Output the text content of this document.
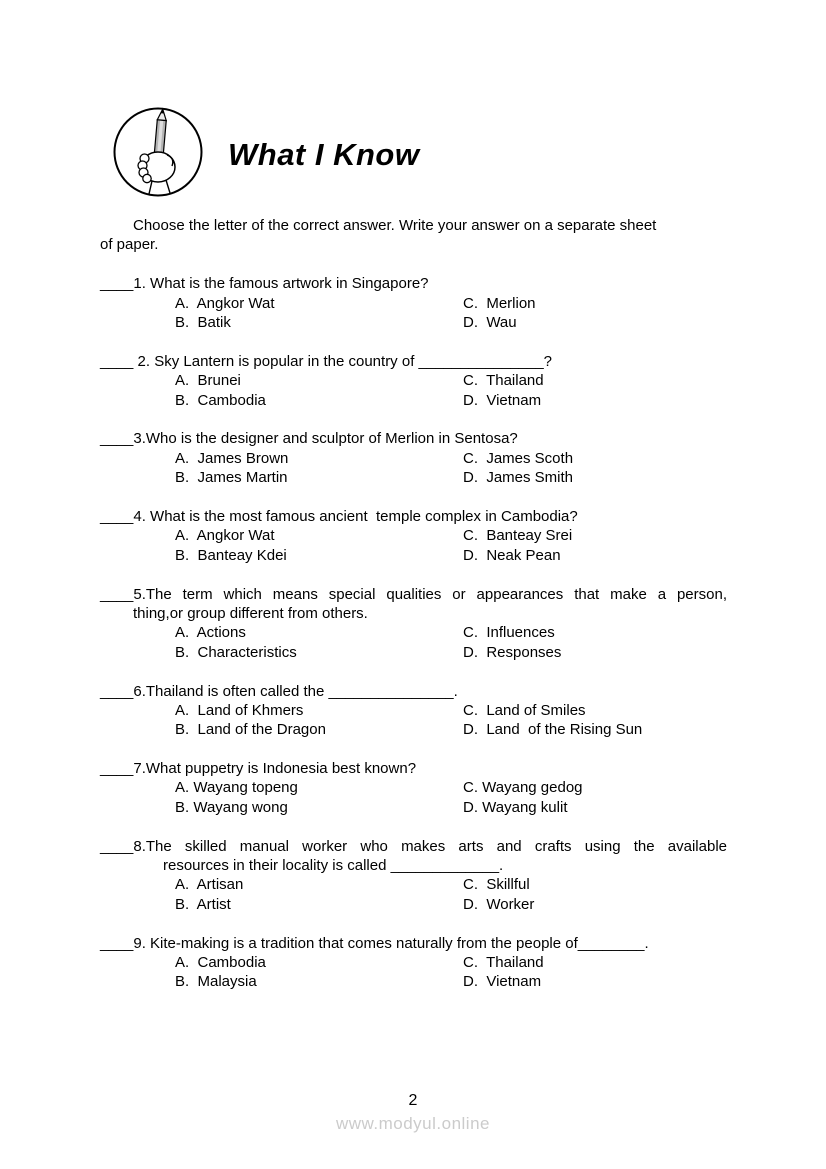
What I Know
Choose the letter of the correct answer. Write your answer on a separate sheet
of paper.
____1. What is the famous artwork in Singapore?
A.  Angkor Wat
B.  Batik
C.  Merlion
D.  Wau
____ 2. Sky Lantern is popular in the country of _______________?
A.  Brunei
B.  Cambodia
C.  Thailand
D.  Vietnam
____3.Who is the designer and sculptor of Merlion in Sentosa?
A.  James Brown
B.  James Martin
C.  James Scoth
D.  James Smith
____4. What is the most famous ancient  temple complex in Cambodia?
A.  Angkor Wat
B.  Banteay Kdei
C.  Banteay Srei
D.  Neak Pean
____5.The term which means special qualities or appearances that make a person,
thing,or group different from others.
A.  Actions
B.  Characteristics
C.  Influences
D.  Responses
____6.Thailand is often called the _______________.
A.  Land of Khmers
B.  Land of the Dragon
C.  Land of Smiles
D.  Land  of the Rising Sun
____7.What puppetry is Indonesia best known?
A. Wayang topeng
B. Wayang wong
C. Wayang gedog
D. Wayang kulit
____8.The skilled manual worker who makes arts and crafts using the available
resources in their locality is called _____________.
A.  Artisan
B.  Artist
C.  Skillful
D.  Worker
____9. Kite-making is a tradition that comes naturally from the people of________.
A.  Cambodia
B.  Malaysia
C.  Thailand
D.  Vietnam
2
www.modyul.online
